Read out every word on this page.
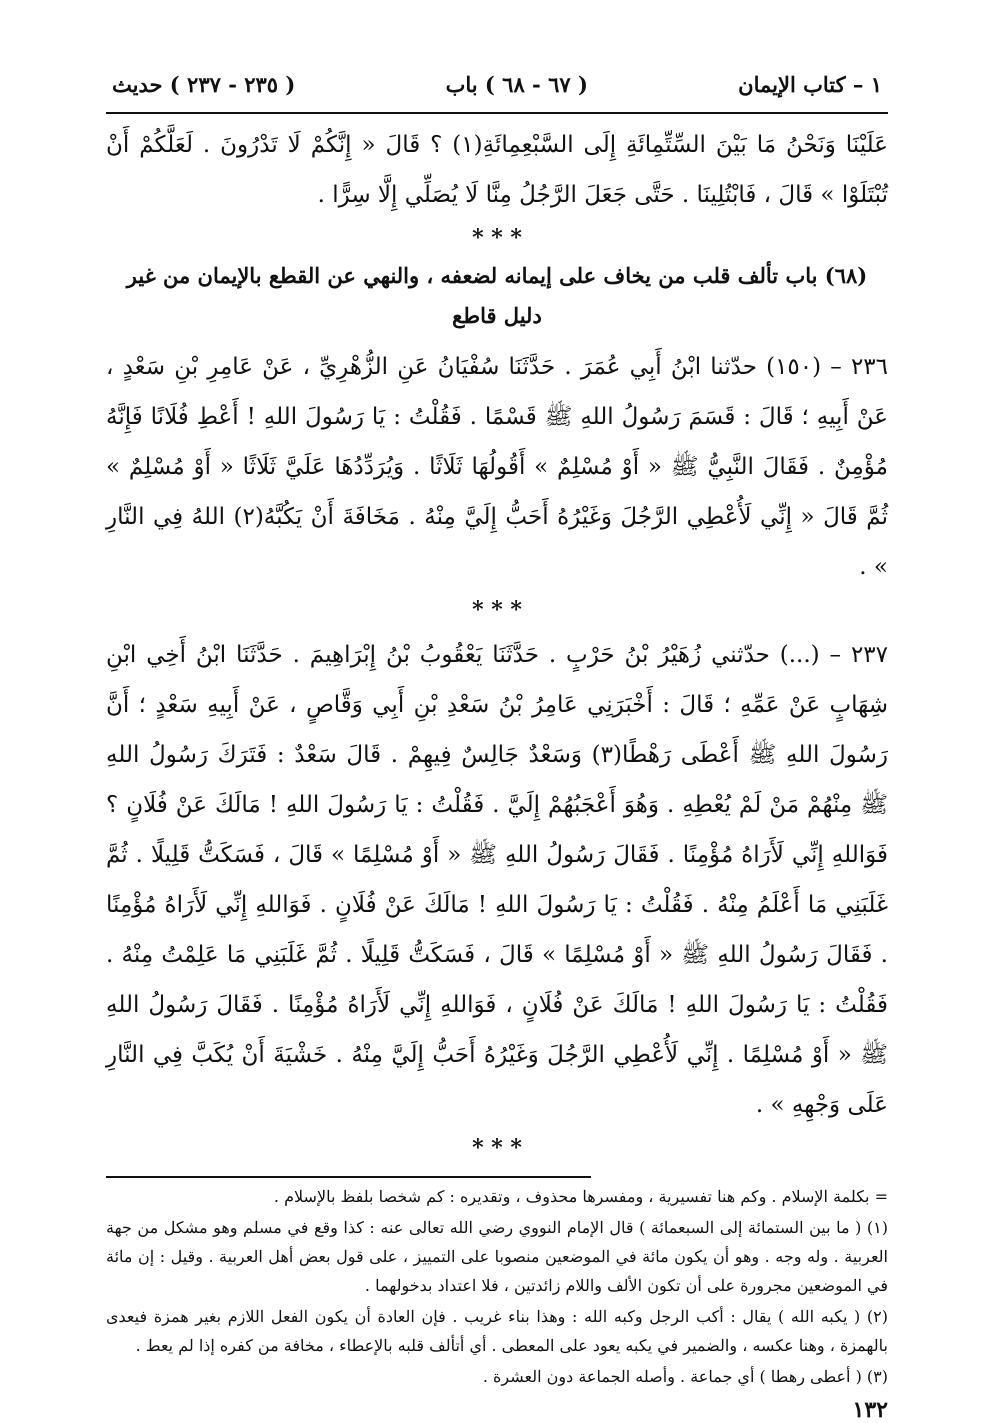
١ – كتاب الإيمان
( ٦٧ - ٦٨ ) باب
( ٢٣٥ - ٢٣٧ ) حديث

عَلَيْنَا وَنَحْنُ مَا بَيْنَ السِّتِّمِائَةِ إِلَى السَّبْعِمِائَةِ(١) ؟ قَالَ « إِنَّكُمْ لَا تَدْرُونَ . لَعَلَّكُمْ أَنْ تُبْتَلَوْا » قَالَ ، فَابْتُلِينَا . حَتَّى جَعَلَ الرَّجُلُ مِنَّا لَا يُصَلِّي إِلَّا سِرًّا .

* * *
(٦٨) باب تألف قلب من يخاف على إيمانه لضعفه ، والنهي عن القطع بالإيمان من غير دليل قاطع

٢٣٦ – (١٥٠) حدّثنا ابْنُ أَبِي عُمَرَ . حَدَّثَنَا سُفْيَانُ عَنِ الزُّهْرِيِّ ، عَنْ عَامِرِ بْنِ سَعْدٍ ، عَنْ أَبِيهِ ؛ قَالَ : قَسَمَ رَسُولُ اللهِ ﷺ قَسْمًا . فَقُلْتُ : يَا رَسُولَ اللهِ ! أَعْطِ فُلَانًا فَإِنَّهُ مُؤْمِنٌ . فَقَالَ النَّبِيُّ ﷺ « أَوْ مُسْلِمٌ » أَقُولُهَا ثَلَاثًا . وَيُرَدِّدُهَا عَلَيَّ ثَلَاثًا « أَوْ مُسْلِمٌ » ثُمَّ قَالَ « إِنِّي لَأُعْطِي الرَّجُلَ وَغَيْرُهُ أَحَبُّ إِلَيَّ مِنْهُ . مَخَافَةَ أَنْ يَكُبَّهُ(٢) اللهُ فِي النَّارِ » .

* * *

٢٣٧ – (...) حدّثني زُهَيْرُ بْنُ حَرْبٍ . حَدَّثَنَا يَعْقُوبُ بْنُ إِبْرَاهِيمَ . حَدَّثَنَا ابْنُ أَخِي ابْنِ شِهَابٍ عَنْ عَمِّهِ ؛ قَالَ : أَخْبَرَنِي عَامِرُ بْنُ سَعْدِ بْنِ أَبِي وَقَّاصٍ ، عَنْ أَبِيهِ سَعْدٍ ؛ أَنَّ رَسُولَ اللهِ ﷺ أَعْطَى رَهْطًا(٣) وَسَعْدٌ جَالِسٌ فِيهِمْ . قَالَ سَعْدٌ : فَتَرَكَ رَسُولُ اللهِ ﷺ مِنْهُمْ مَنْ لَمْ يُعْطِهِ . وَهُوَ أَعْجَبُهُمْ إِلَيَّ . فَقُلْتُ : يَا رَسُولَ اللهِ ! مَالَكَ عَنْ فُلَانٍ ؟ فَوَاللهِ إِنِّي لَأَرَاهُ مُؤْمِنًا . فَقَالَ رَسُولُ اللهِ ﷺ « أَوْ مُسْلِمًا » قَالَ ، فَسَكَتُّ قَلِيلًا . ثُمَّ غَلَبَنِي مَا أَعْلَمُ مِنْهُ . فَقُلْتُ : يَا رَسُولَ اللهِ ! مَالَكَ عَنْ فُلَانٍ . فَوَاللهِ إِنِّي لَأَرَاهُ مُؤْمِنًا . فَقَالَ رَسُولُ اللهِ ﷺ « أَوْ مُسْلِمًا » قَالَ ، فَسَكَتُّ قَلِيلًا . ثُمَّ غَلَبَنِي مَا عَلِمْتُ مِنْهُ . فَقُلْتُ : يَا رَسُولَ اللهِ ! مَالَكَ عَنْ فُلَانٍ ، فَوَاللهِ إِنِّي لَأَرَاهُ مُؤْمِنًا . فَقَالَ رَسُولُ اللهِ ﷺ « أَوْ مُسْلِمًا . إِنِّي لَأُعْطِي الرَّجُلَ وَغَيْرُهُ أَحَبُّ إِلَيَّ مِنْهُ . خَشْيَةَ أَنْ يُكَبَّ فِي النَّارِ عَلَى وَجْهِهِ » .

* * *

= بكلمة الإسلام . وكم هنا تفسيرية ، ومفسرها محذوف ، وتقديره : كم شخصا بلفظ بالإسلام .

(١) ( ما بين الستمائة إلى السبعمائة ) قال الإمام النووي رضي الله تعالى عنه : كذا وقع في مسلم وهو مشكل من جهة العربية . وله وجه . وهو أن يكون مائة في الموضعين منصوبا على التمييز ، على قول بعض أهل العربية . وقيل : إن مائة في الموضعين مجرورة على أن تكون الألف واللام زائدتين ، فلا اعتداد بدخولهما .

(٢) ( يكبه الله ) يقال : أكب الرجل وكبه الله : وهذا بناء غريب . فإن العادة أن يكون الفعل اللازم بغير همزة فيعدى بالهمزة ، وهنا عكسه ، والضمير في يكبه يعود على المعطى . أي أتألف قلبه بالإعطاء ، مخافة من كفره إذا لم يعط .

(٣) ( أعطى رهطا ) أي جماعة . وأصله الجماعة دون العشرة .

١٣٢
